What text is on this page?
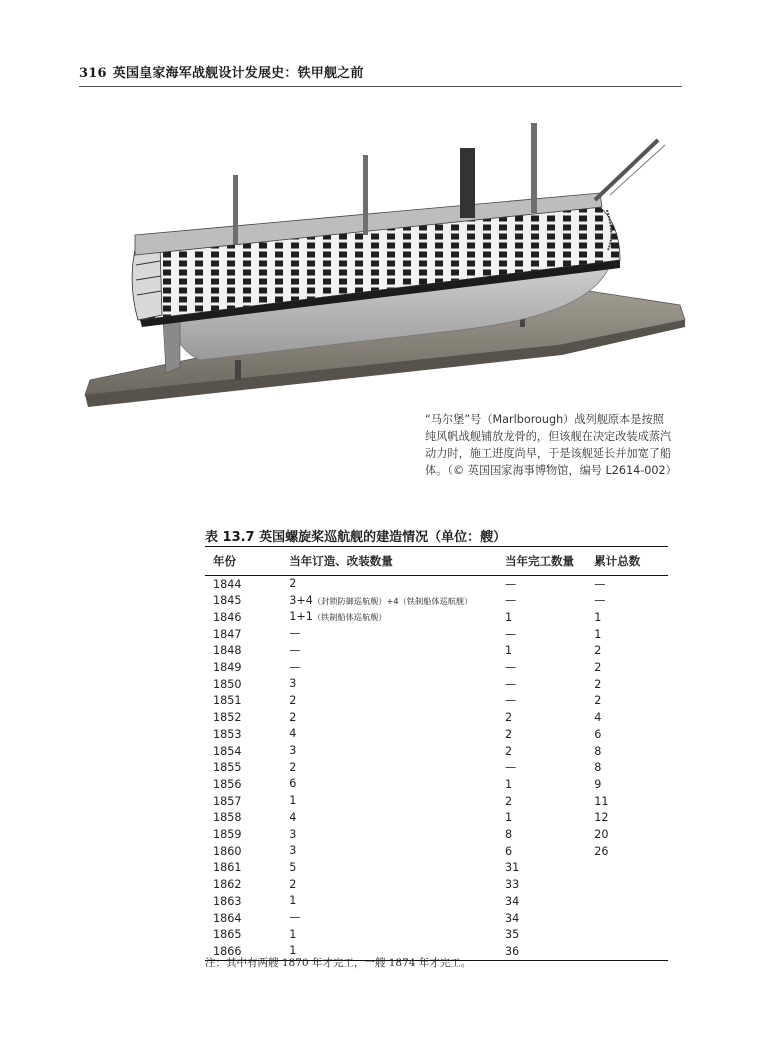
316 英国皇家海军战舰设计发展史：铁甲舰之前
“马尔堡”号（Marlborough）战列舰原本是按照纯风帆战舰铺放龙骨的，但该舰在决定改装成蒸汽动力时，施工进度尚早，于是该舰延长并加宽了船体。（© 英国国家海事博物馆，编号 L2614-002）
表 13.7 英国螺旋桨巡航舰的建造情况（单位：艘）
年份	当年订造、改装数量	当年完工数量	累计总数
1844	2	—	—
1845	3+4（封锁防御巡航舰）+4（铁制船体巡航舰）	—	—
1846	1+1（铁制船体巡航舰）	1	1
1847	—	—	1
1848	—	1	2
1849	—	—	2
1850	3	—	2
1851	2	—	2
1852	2	2	4
1853	4	2	6
1854	3	2	8
1855	2	—	8
1856	6	1	9
1857	1	2	11
1858	4	1	12
1859	3	8	20
1860	3	6	26
1861	5	31	
1862	2	33	
1863	1	34	
1864	—	34	
1865	1	35	
1866	1	36	
注：其中有两艘 1870 年才完工，一艘 1874 年才完工。
